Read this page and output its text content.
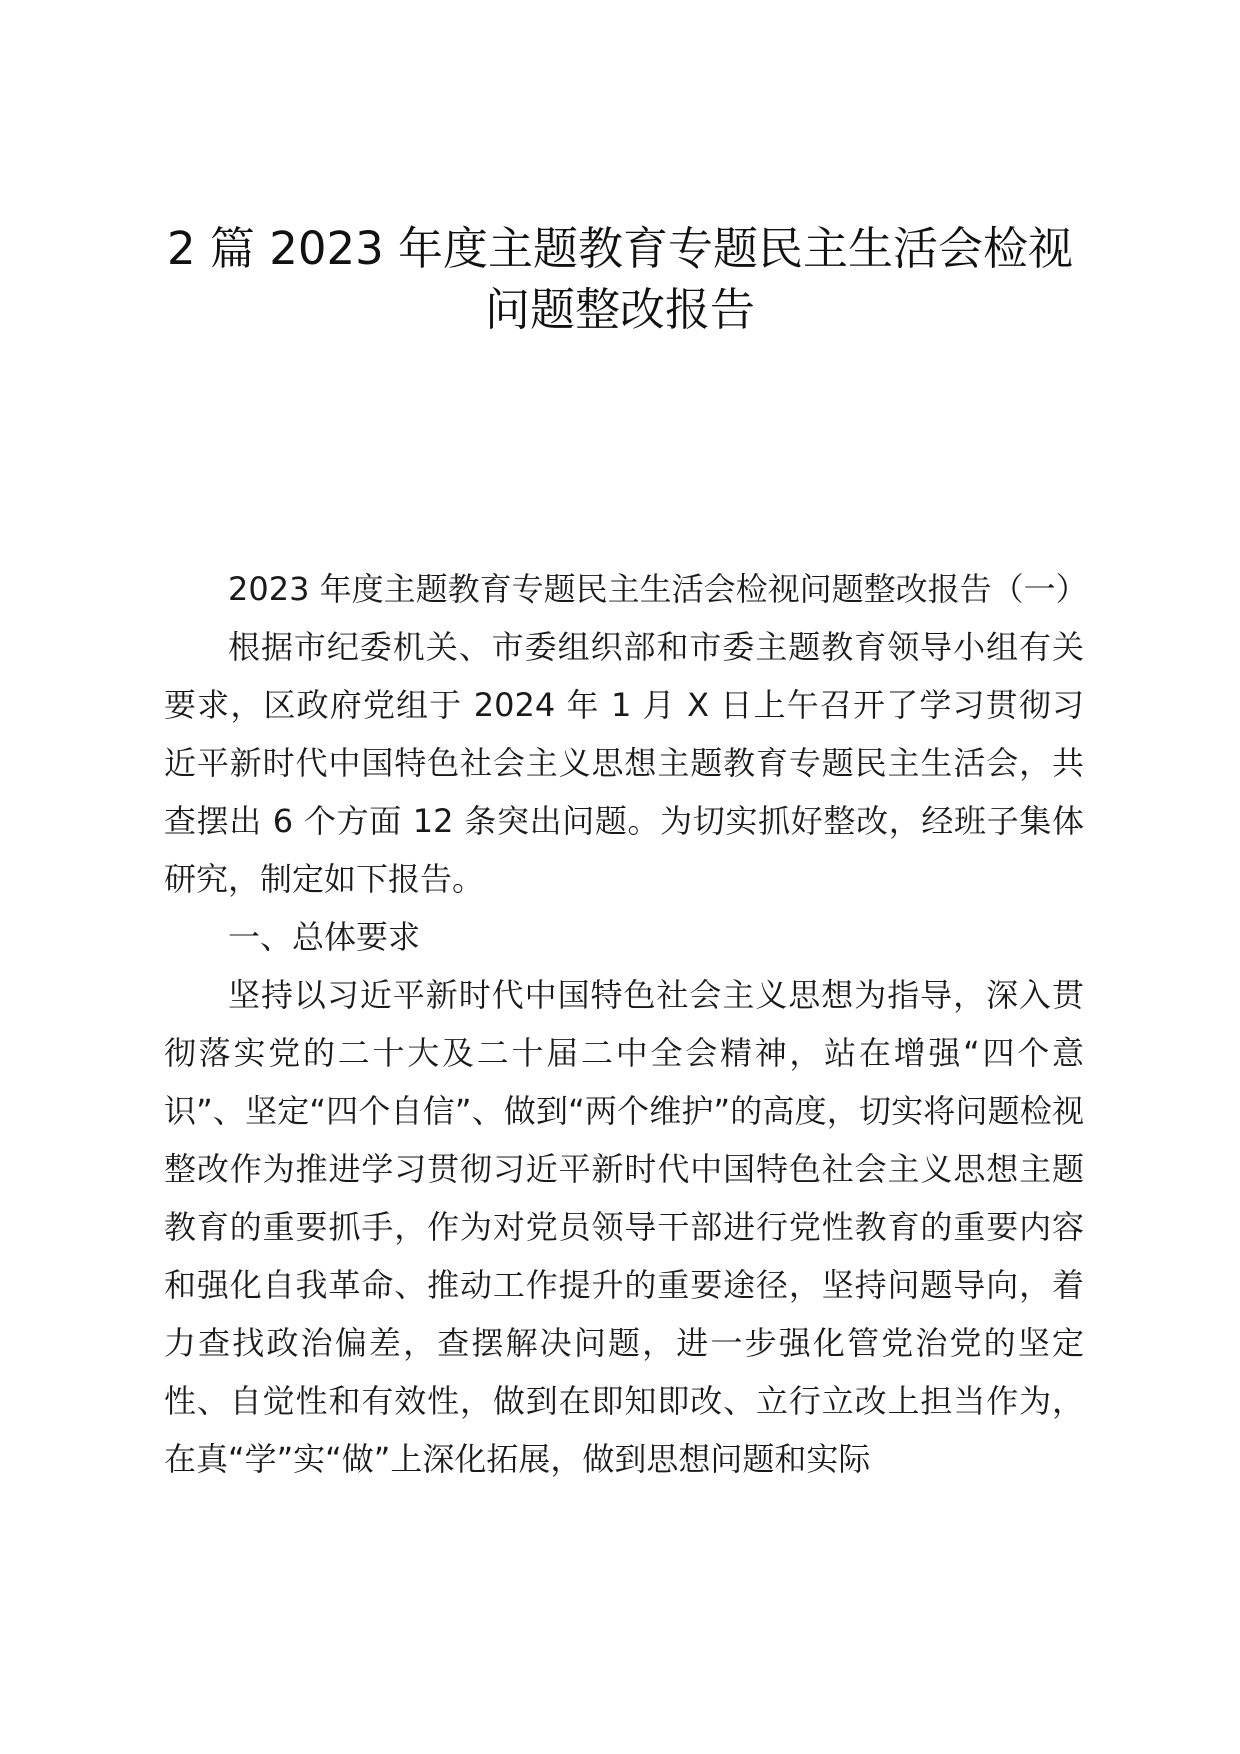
2 篇 2023 年度主题教育专题民主生活会检视
问题整改报告

2023 年度主题教育专题民主生活会检视问题整改报告（一）

根据市纪委机关、市委组织部和市委主题教育领导小组有关要求，区政府党组于 2024 年 1 月 X 日上午召开了学习贯彻习近平新时代中国特色社会主义思想主题教育专题民主生活会，共查摆出 6 个方面 12 条突出问题。为切实抓好整改，经班子集体研究，制定如下报告。

一、总体要求

坚持以习近平新时代中国特色社会主义思想为指导，深入贯彻落实党的二十大及二十届二中全会精神，站在增强“四个意识”、坚定“四个自信”、做到“两个维护”的高度，切实将问题检视整改作为推进学习贯彻习近平新时代中国特色社会主义思想主题教育的重要抓手，作为对党员领导干部进行党性教育的重要内容和强化自我革命、推动工作提升的重要途径，坚持问题导向，着力查找政治偏差，查摆解决问题，进一步强化管党治党的坚定性、自觉性和有效性，做到在即知即改、立行立改上担当作为，在真“学”实“做”上深化拓展，做到思想问题和实际
